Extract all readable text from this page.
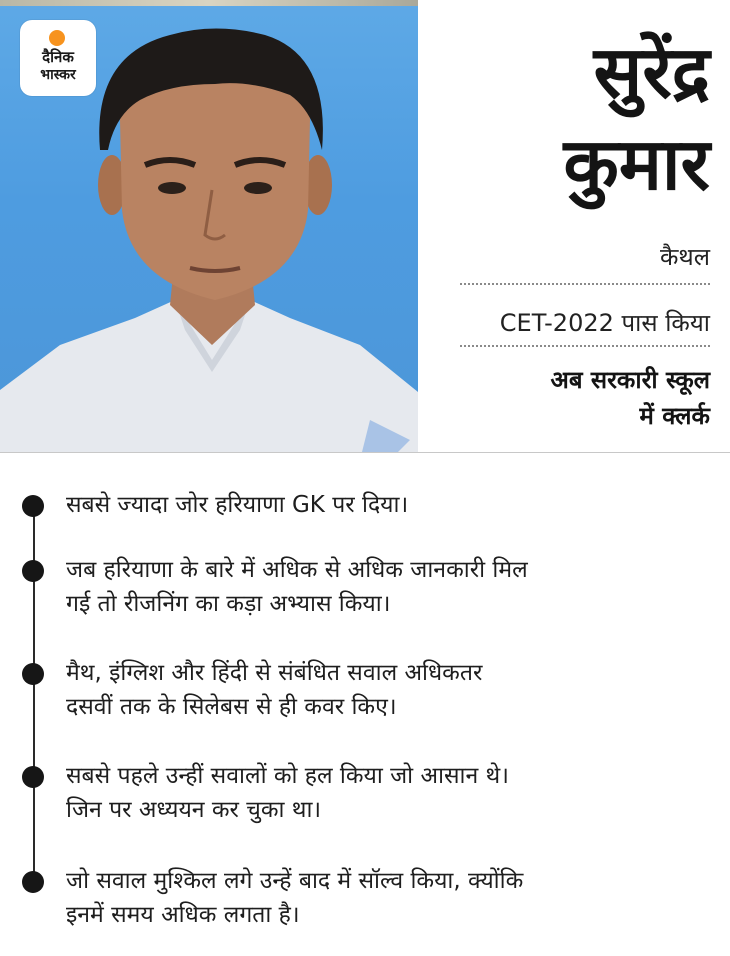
दैनिक
भास्कर	सुरेंद्र
कुमार
कैथल
CET-2022 पास किया
अब सरकारी स्कूल
में क्लर्क
सबसे ज्यादा जोर हरियाणा GK पर दिया।
जब हरियाणा के बारे में अधिक से अधिक जानकारी मिल
गई तो रीजनिंग का कड़ा अभ्यास किया।
मैथ, इंग्लिश और हिंदी से संबंधित सवाल अधिकतर
दसवीं तक के सिलेबस से ही कवर किए।
सबसे पहले उन्हीं सवालों को हल किया जो आसान थे।
जिन पर अध्ययन कर चुका था।
जो सवाल मुश्किल लगे उन्हें बाद में सॉल्व किया, क्योंकि
इनमें समय अधिक लगता है।
